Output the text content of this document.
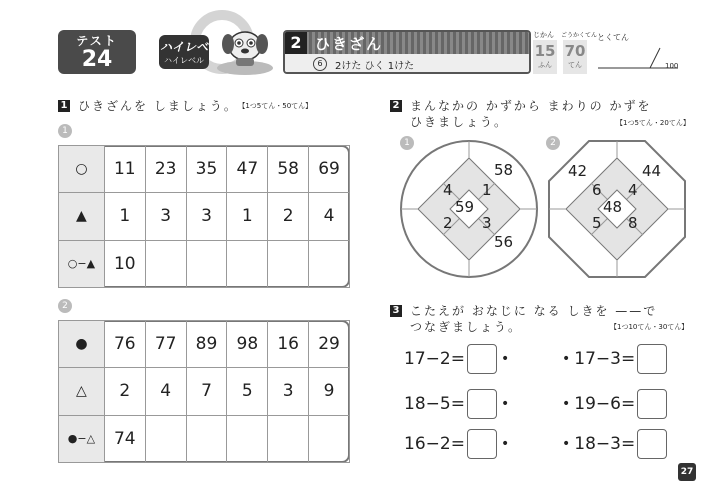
テスト
24	ハイレベ
ハイレベル
2 ひきざん
6	2けた ひく 1けた
15
ふん
じかん
70
てん
ごうかくてん とくてん
100
1 ひきざんを しましょう。 【1つ5てん・50てん】
1
○	11	23	35	47	58	69
▲	1	3	3	1	2	4
○−▲	10					
2
●	76	77	89	98	16	29
△	2	4	7	5	3	9
●−△	74					
2 まんなかの かずから まわりの かずを
ひきましょう。	【1つ5てん・20てん】
1
59
4 1
2 3
58
56
2
48
6 4
5 8
42	44
3 こたえが おなじに なる しきを ——で
つなぎましょう。	【1つ10てん・30てん】
17−2=	•
18−5=	•
16−2=	•
• 17−3=
• 19−6=
• 18−3=
27
